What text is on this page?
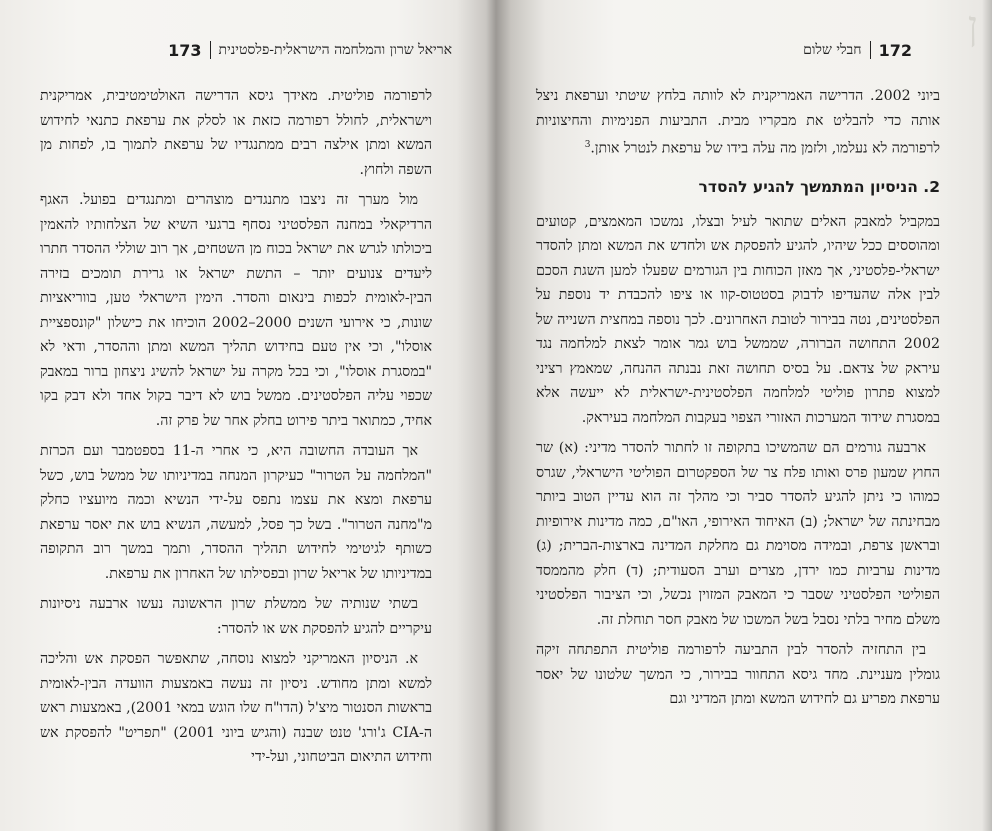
ן
173 אריאל שרון והמלחמה הישראלית-פלסטינית

לרפורמה פוליטית. מאידך גיסא הדרישה האולטימטיבית, אמריקנית וישראלית, לחולל רפורמה כזאת או לסלק את ערפאת כתנאי לחידוש המשא ומתן אילצה רבים ממתנגדיו של ערפאת לתמוך בו, לפחות מן השפה ולחוץ.

מול מערך זה ניצבו מתנגדים מוצהרים ומתנגדים בפועל. האגף הרדיקאלי במחנה הפלסטיני נסחף ברגעי השיא של הצלחותיו להאמין ביכולתו לגרש את ישראל בכוח מן השטחים, אך רוב שוללי ההסדר חתרו ליעדים צנועים יותר – התשת ישראל או גרירת תומכים בזירה הבין-לאומית לכפות בינאום והסדר. הימין הישראלי טען, בווריאציות שונות, כי אירועי השנים 2000–2002 הוכיחו את כישלון "קונספציית אוסלו", וכי אין טעם בחידוש תהליך המשא ומתן וההסדר, ודאי לא "במסגרת אוסלו", וכי בכל מקרה על ישראל להשיג ניצחון ברור במאבק שכפוי עליה הפלסטינים. ממשל בוש לא דיבר בקול אחד ולא דבק בקו אחיד, כמתואר ביתר פירוט בחלק אחר של פרק זה.

אך העובדה החשובה היא, כי אחרי ה-11 בספטמבר ועם הכרזת "המלחמה על הטרור" כעיקרון המנחה במדיניותו של ממשל בוש, כשל ערפאת ומצא את עצמו נתפס על-ידי הנשיא וכמה מיועציו כחלק מ"מחנה הטרור". בשל כך פסל, למעשה, הנשיא בוש את יאסר ערפאת כשותף לגיטימי לחידוש תהליך ההסדר, ותמך במשך רוב התקופה במדיניותו של אריאל שרון ובפסילתו של האחרון את ערפאת.

בשתי שנותיה של ממשלת שרון הראשונה נעשו ארבעה ניסיונות עיקריים להגיע להפסקת אש או להסדר:

א. הניסיון האמריקני למצוא נוסחה, שתאפשר הפסקת אש והליכה למשא ומתן מחודש. ניסיון זה נעשה באמצעות הוועדה הבין-לאומית בראשות הסנטור מיצ'ל (הדו"ח שלו הוגש במאי 2001), באמצעות ראש ה-CIA ג'ורג' טנט שבנה (והגיש ביוני 2001) "תפריט" להפסקת אש וחידוש התיאום הביטחוני, ועל-ידי

172
חבלי שלום

ביוני 2002. הדרישה האמריקנית לא לוותה בלחץ שיטתי וערפאת ניצל אותה כדי להבליט את מבקריו מבית. התביעות הפנימיות והחיצוניות לרפורמה לא נעלמו, ולזמן מה עלה בידו של ערפאת לנטרל אותן.$^3$

2. הניסיון המתמשך להגיע להסדר

במקביל למאבק האלים שתואר לעיל ובצלו, נמשכו המאמצים, קטועים ומהוססים ככל שיהיו, להגיע להפסקת אש ולחדש את המשא ומתן להסדר ישראלי-פלסטיני, אך מאזן הכוחות בין הגורמים שפעלו למען השגת הסכם לבין אלה שהעדיפו לדבוק בסטטוס-קוו או ציפו להכבדת יד נוספת על הפלסטינים, נטה בבירור לטובת האחרונים. לכך נוספה במחצית השנייה של 2002 התחושה הברורה, שממשל בוש גמר אומר לצאת למלחמה נגד עיראק של צדאם. על בסיס תחושה זאת נבנתה ההנחה, שמאמץ רציני למצוא פתרון פוליטי למלחמה הפלסטינית-ישראלית לא ייעשה אלא במסגרת שידוד המערכות האזורי הצפוי בעקבות המלחמה בעיראק.

ארבעה גורמים הם שהמשיכו בתקופה זו לחתור להסדר מדיני: (א) שר החוץ שמעון פרס ואותו פלח צר של הספקטרום הפוליטי הישראלי, שגרס כמוהו כי ניתן להגיע להסדר סביר וכי מהלך זה הוא עדיין הטוב ביותר מבחינתה של ישראל; (ב) האיחוד האירופי, האו"ם, כמה מדינות אירופיות ובראשן צרפת, ובמידה מסוימת גם מחלקת המדינה בארצות-הברית; (ג) מדינות ערביות כמו ירדן, מצרים וערב הסעודית; (ד) חלק מהממסד הפוליטי הפלסטיני שסבר כי המאבק המזוין נכשל, וכי הציבור הפלסטיני משלם מחיר בלתי נסבל בשל המשכו של מאבק חסר תוחלת זה.

בין התחזיה להסדר לבין התביעה לרפורמה פוליטית התפתחה זיקה גומלין מעניינת. מחד גיסא התחוור בבירור, כי המשך שלטונו של יאסר ערפאת מפריע גם לחידוש המשא ומתן המדיני וגם
